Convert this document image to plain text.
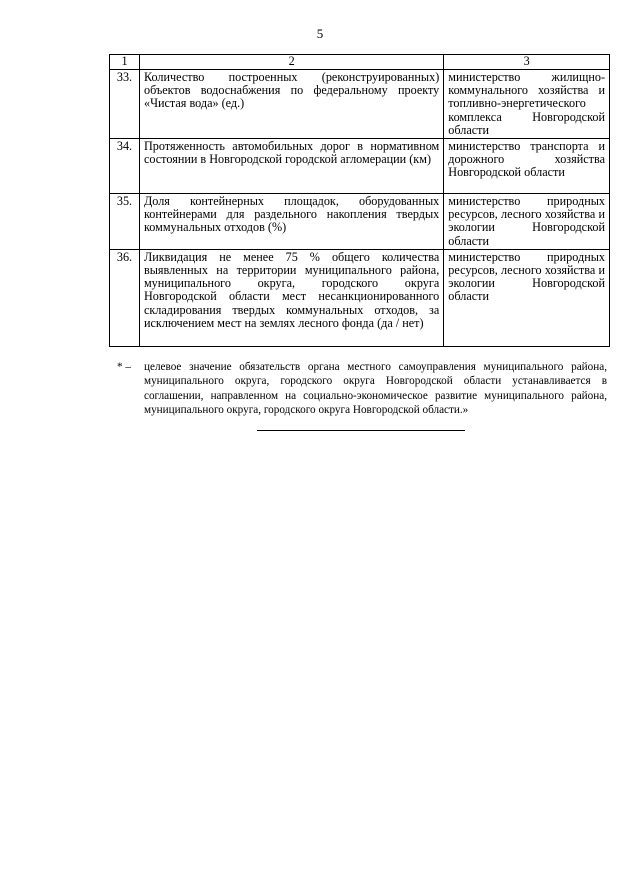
5
1	2	3
33.	Количество построенных (реконструированных) объектов водоснабжения по федеральному проекту «Чистая вода» (ед.)	министерство жилищно-коммунального хозяйства и топливно-энергетического комплекса Новгородской области
34.	Протяженность автомобильных дорог в нормативном состоянии в Новгородской городской агломерации (км)	министерство транспорта и дорожного хозяйства Новгородской области
35.	Доля контейнерных площадок, оборудованных контейнерами для раздельного накопления твердых коммунальных отходов (%)	министерство природных ресурсов, лесного хозяйства и экологии Новгородской области
36.	Ликвидация не менее 75 % общего количества выявленных на территории муниципального района, муниципального округа, городского округа Новгородской области мест несанкционированного складирования твердых коммунальных отходов, за исключением мест на землях лесного фонда (да / нет)	министерство природных ресурсов, лесного хозяйства и экологии Новгородской области
* –	целевое значение обязательств органа местного самоуправления муниципального района, муниципального округа, городского округа Новгородской области устанавливается в соглашении, направленном на социально-экономическое развитие муниципального района, муниципального округа, городского округа Новгородской области.»
